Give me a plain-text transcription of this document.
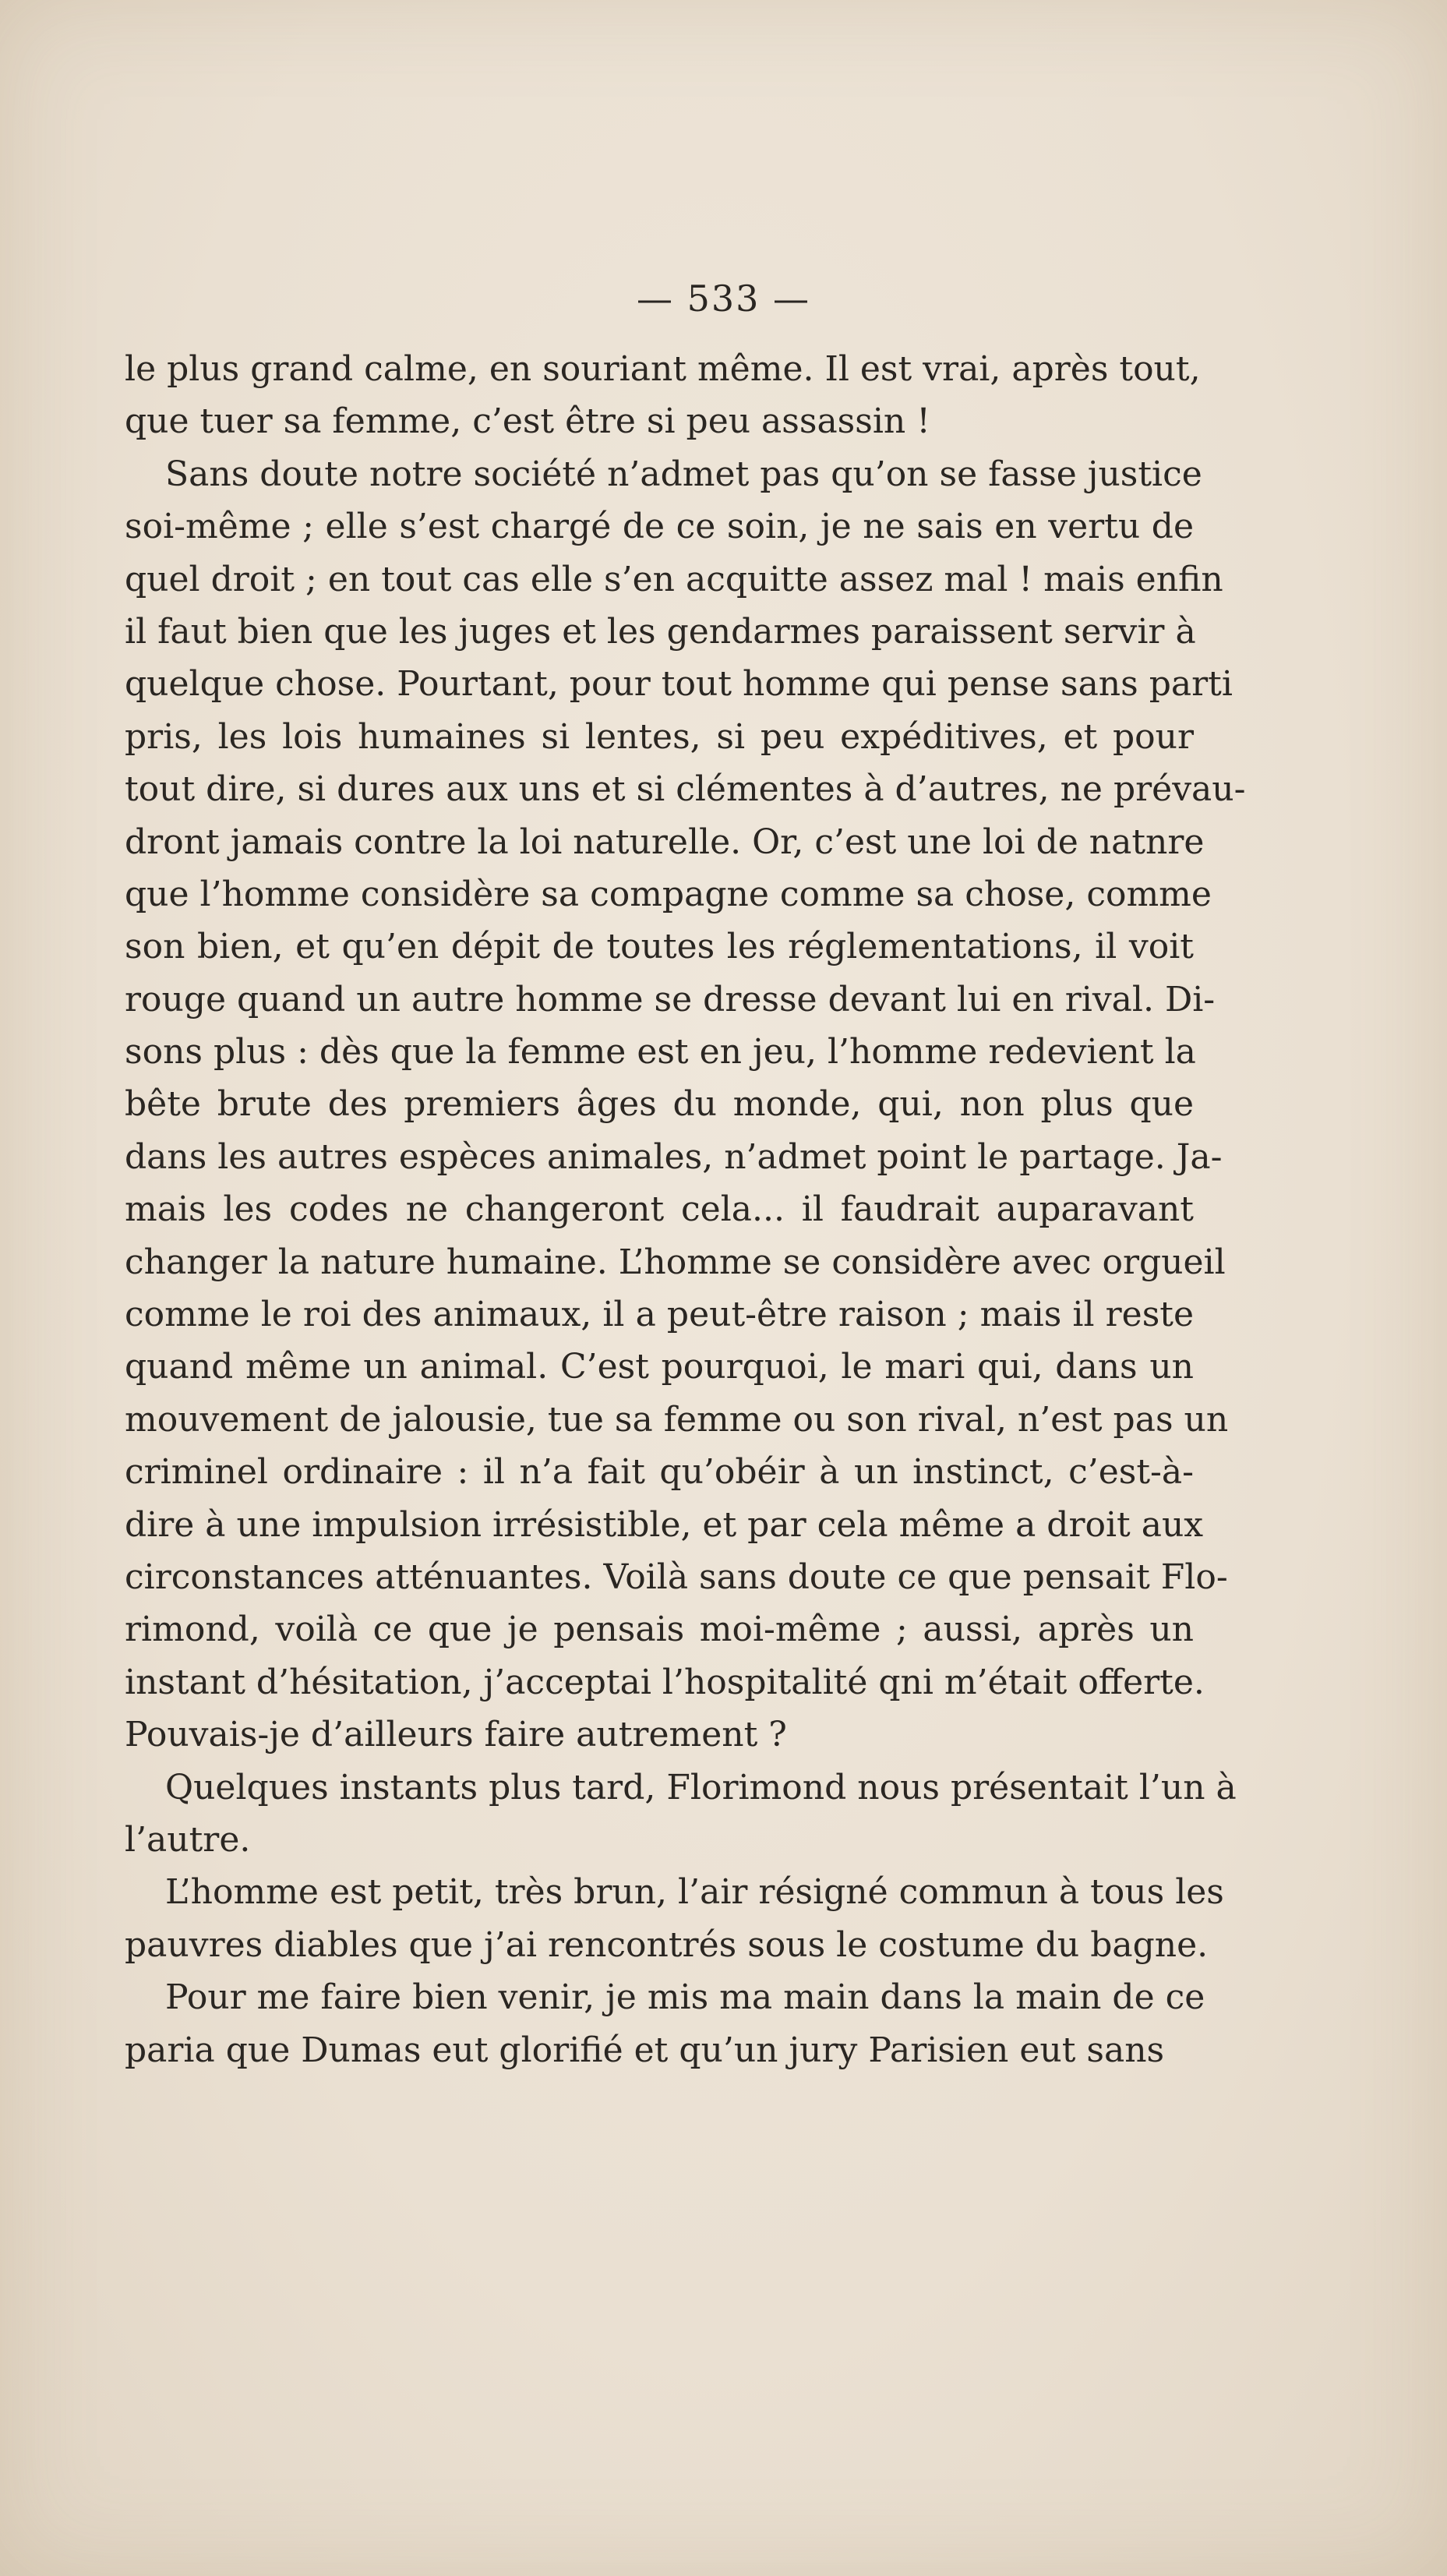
— 533 —
le plus grand calme, en souriant même. Il est vrai, après tout,
que tuer sa femme, c’est être si peu assassin !
Sans doute notre société n’admet pas qu’on se fasse justice
soi-même ; elle s’est chargé de ce soin, je ne sais en vertu de
quel droit ; en tout cas elle s’en acquitte assez mal ! mais enfin
il faut bien que les juges et les gendarmes paraissent servir à
quelque chose. Pourtant, pour tout homme qui pense sans parti
pris, les lois humaines si lentes, si peu expéditives, et pour
tout dire, si dures aux uns et si clémentes à d’autres, ne prévau-
dront jamais contre la loi naturelle. Or, c’est une loi de natnre
que l’homme considère sa compagne comme sa chose, comme
son bien, et qu’en dépit de toutes les réglementations, il voit
rouge quand un autre homme se dresse devant lui en rival. Di-
sons plus : dès que la femme est en jeu, l’homme redevient la
bête brute des premiers âges du monde, qui, non plus que
dans les autres espèces animales, n’admet point le partage. Ja-
mais les codes ne changeront cela... il faudrait auparavant
changer la nature humaine. L’homme se considère avec orgueil
comme le roi des animaux, il a peut-être raison ; mais il reste
quand même un animal. C’est pourquoi, le mari qui, dans un
mouvement de jalousie, tue sa femme ou son rival, n’est pas un
criminel ordinaire : il n’a fait qu’obéir à un instinct, c’est-à-
dire à une impulsion irrésistible, et par cela même a droit aux
circonstances atténuantes. Voilà sans doute ce que pensait Flo-
rimond, voilà ce que je pensais moi-même ; aussi, après un
instant d’hésitation, j’acceptai l’hospitalité qni m’était offerte.
Pouvais-je d’ailleurs faire autrement ?
Quelques instants plus tard, Florimond nous présentait l’un à
l’autre.
L’homme est petit, très brun, l’air résigné commun à tous les
pauvres diables que j’ai rencontrés sous le costume du bagne.
Pour me faire bien venir, je mis ma main dans la main de ce
paria que Dumas eut glorifié et qu’un jury Parisien eut sans
